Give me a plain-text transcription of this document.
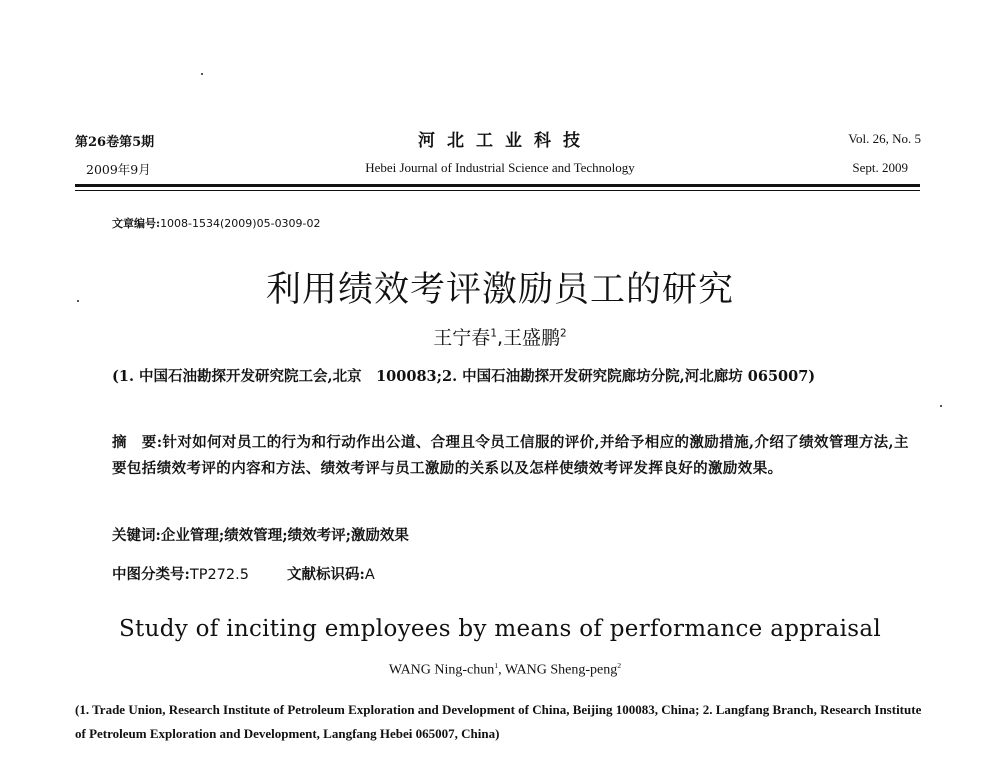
第26卷第5期
2009年9月
河北工业科技
Hebei Journal of Industrial Science and Technology
Vol. 26, No. 5
Sept. 2009
文章编号:1008-1534(2009)05-0309-02
利用绩效考评激励员工的研究
王宁春$^1$,王盛鹏$^2$
(1. 中国石油勘探开发研究院工会,北京　100083;2. 中国石油勘探开发研究院廊坊分院,河北廊坊 065007)
摘　要:针对如何对员工的行为和行动作出公道、合理且令员工信服的评价,并给予相应的激励措施,介绍了绩效管理方法,主要包括绩效考评的内容和方法、绩效考评与员工激励的关系以及怎样使绩效考评发挥良好的激励效果。
关键词:企业管理;绩效管理;绩效考评;激励效果
中图分类号:TP272.5	文献标识码:A
Study of inciting employees by means of performance appraisal
WANG Ning-chun$^1$, WANG Sheng-peng$^2$
(1. Trade Union, Research Institute of Petroleum Exploration and Development of China, Beijing 100083, China; 2. Langfang Branch, Research Institute of Petroleum Exploration and Development, Langfang Hebei 065007, China)
